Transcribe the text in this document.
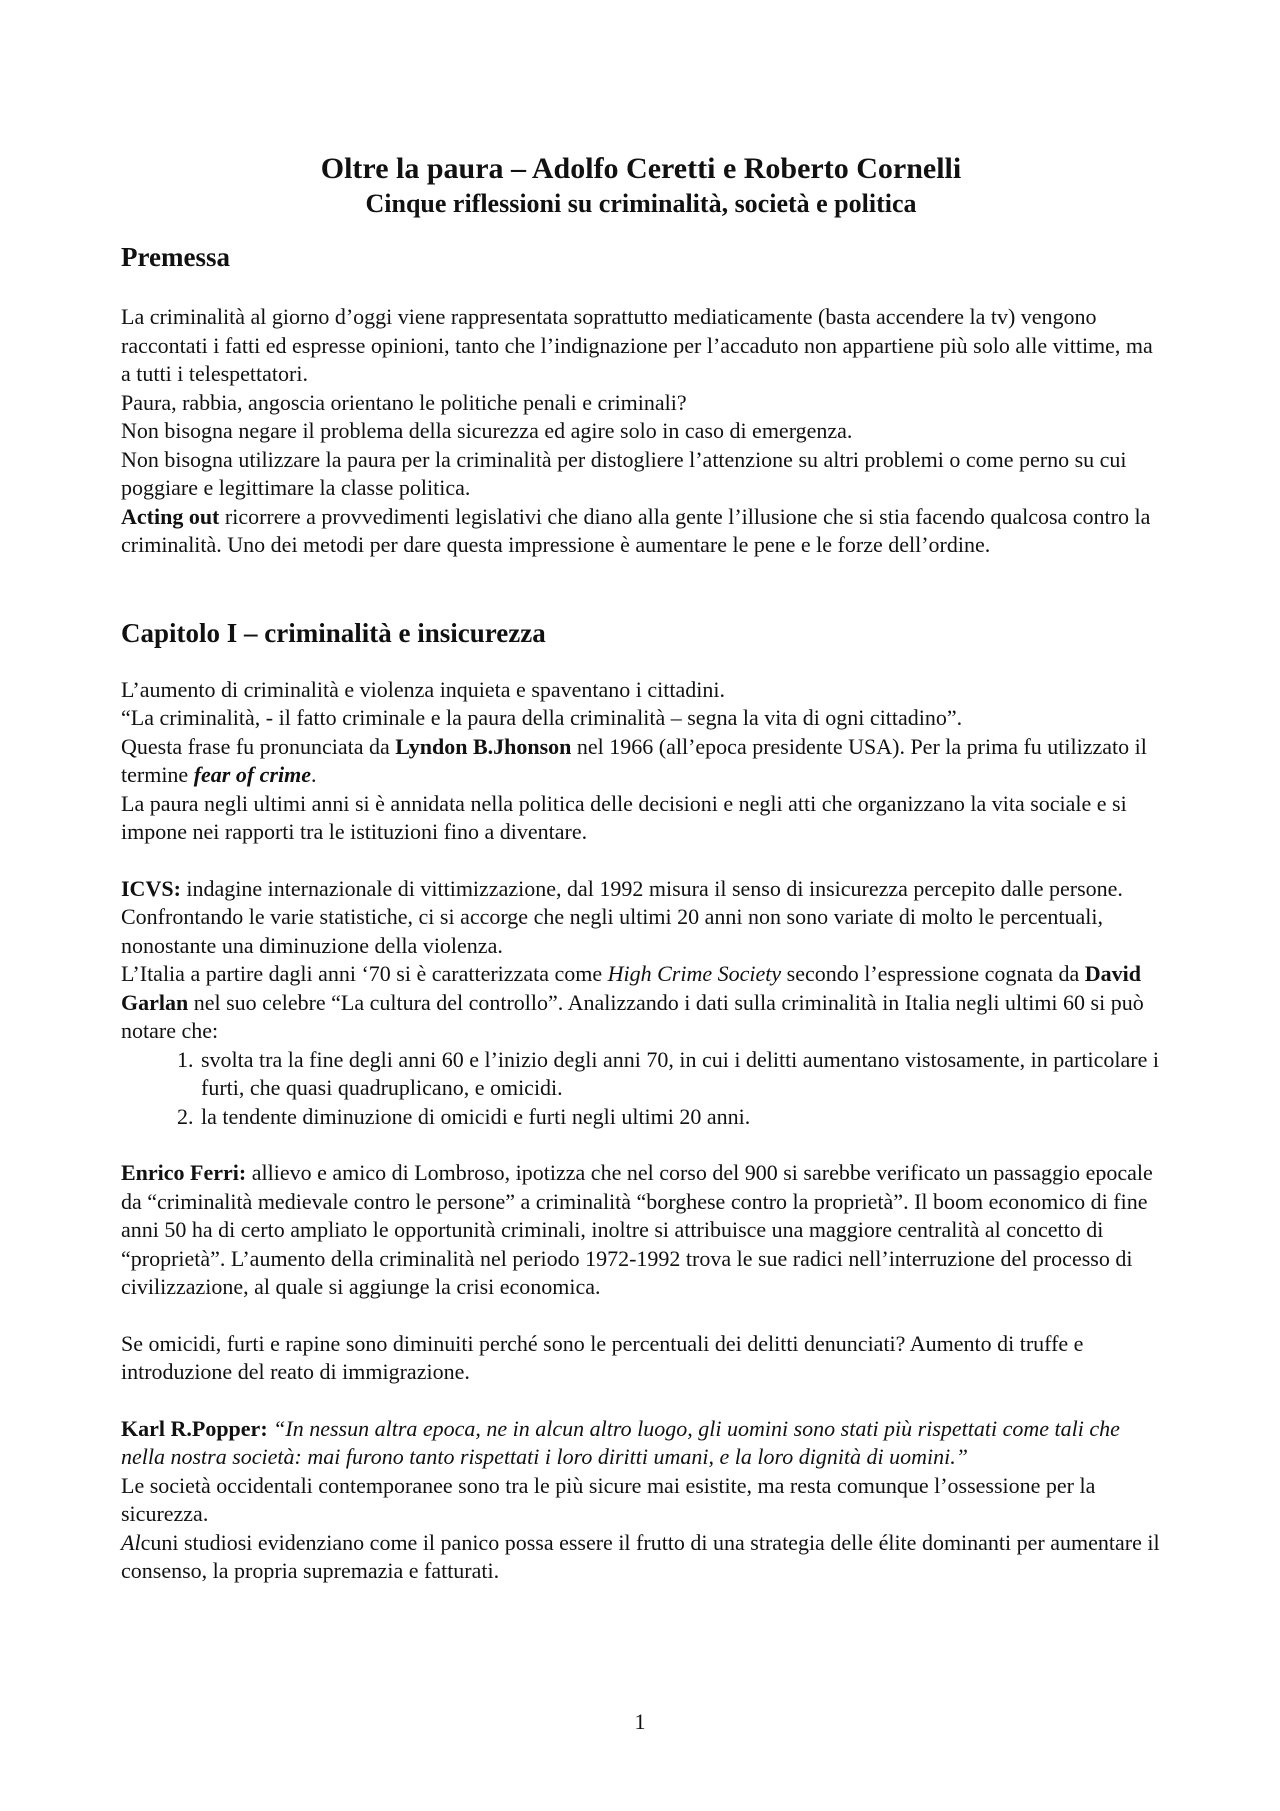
Oltre la paura – Adolfo Ceretti e Roberto Cornelli

Cinque riflessioni su criminalità, società e politica

Premessa

La criminalità al giorno d’oggi viene rappresentata soprattutto mediaticamente (basta accendere la tv) vengono raccontati i fatti ed espresse opinioni, tanto che l’indignazione per l’accaduto non appartiene più solo alle vittime, ma a tutti i telespettatori.

Paura, rabbia, angoscia orientano le politiche penali e criminali?

Non bisogna negare il problema della sicurezza ed agire solo in caso di emergenza.

Non bisogna utilizzare la paura per la criminalità per distogliere l’attenzione su altri problemi o come perno su cui poggiare e legittimare la classe politica.

Acting out ricorrere a provvedimenti legislativi che diano alla gente l’illusione che si stia facendo qualcosa contro la criminalità. Uno dei metodi per dare questa impressione è aumentare le pene e le forze dell’ordine.

Capitolo I – criminalità e insicurezza

L’aumento di criminalità e violenza inquieta e spaventano i cittadini.

“La criminalità, - il fatto criminale e la paura della criminalità – segna la vita di ogni cittadino”.

Questa frase fu pronunciata da Lyndon B.Jhonson nel 1966 (all’epoca presidente USA). Per la prima fu utilizzato il termine fear of crime.

La paura negli ultimi anni si è annidata nella politica delle decisioni e negli atti che organizzano la vita sociale e si impone nei rapporti tra le istituzioni fino a diventare.

ICVS: indagine internazionale di vittimizzazione, dal 1992 misura il senso di insicurezza percepito dalle persone. Confrontando le varie statistiche, ci si accorge che negli ultimi 20 anni non sono variate di molto le percentuali, nonostante una diminuzione della violenza.

L’Italia a partire dagli anni ‘70 si è caratterizzata come High Crime Society secondo l’espressione cognata da David Garlan nel suo celebre “La cultura del controllo”. Analizzando i dati sulla criminalità in Italia negli ultimi 60 si può notare che:

1. svolta tra la fine degli anni 60 e l’inizio degli anni 70, in cui i delitti aumentano vistosamente, in particolare i furti, che quasi quadruplicano, e omicidi.
2. la tendente diminuzione di omicidi e furti negli ultimi 20 anni.

Enrico Ferri: allievo e amico di Lombroso, ipotizza che nel corso del 900 si sarebbe verificato un passaggio epocale da “criminalità medievale contro le persone” a criminalità “borghese contro la proprietà”. Il boom economico di fine anni 50 ha di certo ampliato le opportunità criminali, inoltre si attribuisce una maggiore centralità al concetto di “proprietà”. L’aumento della criminalità nel periodo 1972-1992 trova le sue radici nell’interruzione del processo di civilizzazione, al quale si aggiunge la crisi economica.

Se omicidi, furti e rapine sono diminuiti perché sono le percentuali dei delitti denunciati? Aumento di truffe e introduzione del reato di immigrazione.

Karl R.Popper: “In nessun altra epoca, ne in alcun altro luogo, gli uomini sono stati più rispettati come tali che nella nostra società: mai furono tanto rispettati i loro diritti umani, e la loro dignità di uomini.”

Le società occidentali contemporanee sono tra le più sicure mai esistite, ma resta comunque l’ossessione per la sicurezza.

Alcuni studiosi evidenziano come il panico possa essere il frutto di una strategia delle élite dominanti per aumentare il consenso, la propria supremazia e fatturati.

1
